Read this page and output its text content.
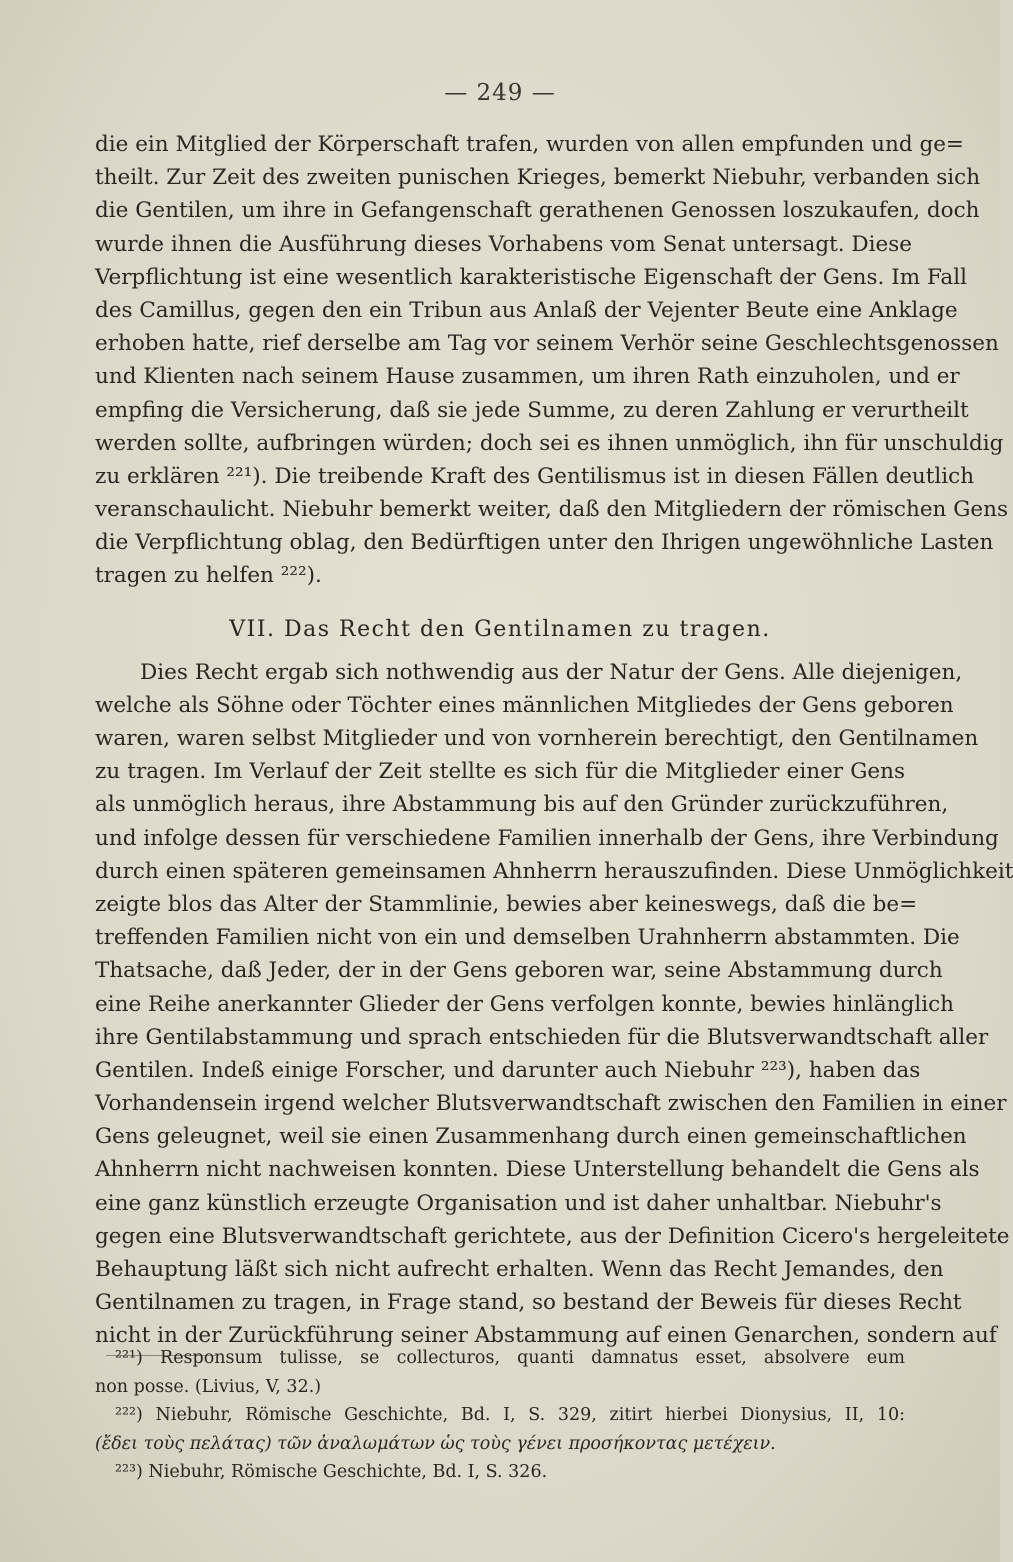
— 249 —
die ein Mitglied der Körperschaft trafen, wurden von allen empfunden und ge=
theilt. Zur Zeit des zweiten punischen Krieges, bemerkt Niebuhr, verbanden sich
die Gentilen, um ihre in Gefangenschaft gerathenen Genossen loszukaufen, doch
wurde ihnen die Ausführung dieses Vorhabens vom Senat untersagt. Diese
Verpflichtung ist eine wesentlich karakteristische Eigenschaft der Gens. Im Fall
des Camillus, gegen den ein Tribun aus Anlaß der Vejenter Beute eine Anklage
erhoben hatte, rief derselbe am Tag vor seinem Verhör seine Geschlechtsgenossen
und Klienten nach seinem Hause zusammen, um ihren Rath einzuholen, und er
empfing die Versicherung, daß sie jede Summe, zu deren Zahlung er verurtheilt
werden sollte, aufbringen würden; doch sei es ihnen unmöglich, ihn für unschuldig
zu erklären ²²¹). Die treibende Kraft des Gentilismus ist in diesen Fällen deutlich
veranschaulicht. Niebuhr bemerkt weiter, daß den Mitgliedern der römischen Gens
die Verpflichtung oblag, den Bedürftigen unter den Ihrigen ungewöhnliche Lasten
tragen zu helfen ²²²).
VII. Das Recht den Gentilnamen zu tragen.
Dies Recht ergab sich nothwendig aus der Natur der Gens. Alle diejenigen,
welche als Söhne oder Töchter eines männlichen Mitgliedes der Gens geboren
waren, waren selbst Mitglieder und von vornherein berechtigt, den Gentilnamen
zu tragen. Im Verlauf der Zeit stellte es sich für die Mitglieder einer Gens
als unmöglich heraus, ihre Abstammung bis auf den Gründer zurückzuführen,
und infolge dessen für verschiedene Familien innerhalb der Gens, ihre Verbindung
durch einen späteren gemeinsamen Ahnherrn herauszufinden. Diese Unmöglichkeit
zeigte blos das Alter der Stammlinie, bewies aber keineswegs, daß die be=
treffenden Familien nicht von ein und demselben Urahnherrn abstammten. Die
Thatsache, daß Jeder, der in der Gens geboren war, seine Abstammung durch
eine Reihe anerkannter Glieder der Gens verfolgen konnte, bewies hinlänglich
ihre Gentilabstammung und sprach entschieden für die Blutsverwandtschaft aller
Gentilen. Indeß einige Forscher, und darunter auch Niebuhr ²²³), haben das
Vorhandensein irgend welcher Blutsverwandtschaft zwischen den Familien in einer
Gens geleugnet, weil sie einen Zusammenhang durch einen gemeinschaftlichen
Ahnherrn nicht nachweisen konnten. Diese Unterstellung behandelt die Gens als
eine ganz künstlich erzeugte Organisation und ist daher unhaltbar. Niebuhr's
gegen eine Blutsverwandtschaft gerichtete, aus der Definition Cicero's hergeleitete
Behauptung läßt sich nicht aufrecht erhalten. Wenn das Recht Jemandes, den
Gentilnamen zu tragen, in Frage stand, so bestand der Beweis für dieses Recht
nicht in der Zurückführung seiner Abstammung auf einen Genarchen, sondern auf
²²¹) Responsum tulisse, se collecturos, quanti damnatus esset, absolvere eum
non posse. (Livius, V, 32.)
²²²) Niebuhr, Römische Geschichte, Bd. I, S. 329, zitirt hierbei Dionysius, II, 10:
(ἔδει τοὺς πελάτας) τῶν ἀναλωμάτων ὡς τοὺς γένει προσήκοντας μετέχειν.
²²³) Niebuhr, Römische Geschichte, Bd. I, S. 326.
